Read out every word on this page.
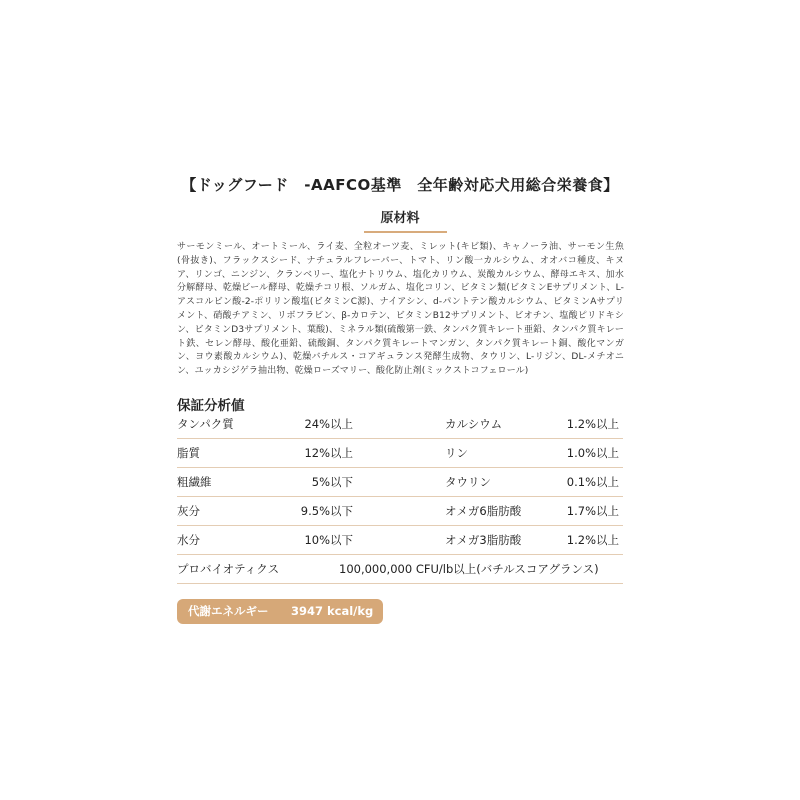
【ドッグフード　-AAFCO基準　全年齢対応犬用総合栄養食】
原材料
サーモンミール、オートミール、ライ麦、全粒オーツ麦、ミレット(キビ類)、キャノーラ油、サーモン生魚(骨抜き)、フラックスシード、ナチュラルフレーバー、トマト、リン酸一カルシウム、オオバコ種皮、キヌア、リンゴ、ニンジン、クランベリー、塩化ナトリウム、塩化カリウム、炭酸カルシウム、酵母エキス、加水分解酵母、乾燥ビール酵母、乾燥チコリ根、ソルガム、塩化コリン、ビタミン類(ビタミンEサプリメント、L-アスコルビン酸-2-ポリリン酸塩(ビタミンC源)、ナイアシン、d-パントテン酸カルシウム、ビタミンAサプリメント、硝酸チアミン、リボフラビン、β-カロテン、ビタミンB12サプリメント、ビオチン、塩酸ピリドキシン、ビタミンD3サプリメント、葉酸)、ミネラル類(硫酸第一鉄、タンパク質キレート亜鉛、タンパク質キレート鉄、セレン酵母、酸化亜鉛、硫酸銅、タンパク質キレートマンガン、タンパク質キレート銅、酸化マンガン、ヨウ素酸カルシウム)、乾燥バチルス・コアギュランス発酵生成物、タウリン、L-リジン、DL-メチオニン、ユッカシジゲラ抽出物、乾燥ローズマリー、酸化防止剤(ミックストコフェロール)
保証分析値
タンパク質	24%以上	カルシウム	1.2%以上
脂質	12%以上	リン	1.0%以上
粗繊維	5%以下	タウリン	0.1%以上
灰分	9.5%以下	オメガ6脂肪酸	1.7%以上
水分	10%以下	オメガ3脂肪酸	1.2%以上
プロバイオティクス	100,000,000 CFU/lb以上(バチルスコアグランス)
代謝エネルギー 3947 kcal/kg
